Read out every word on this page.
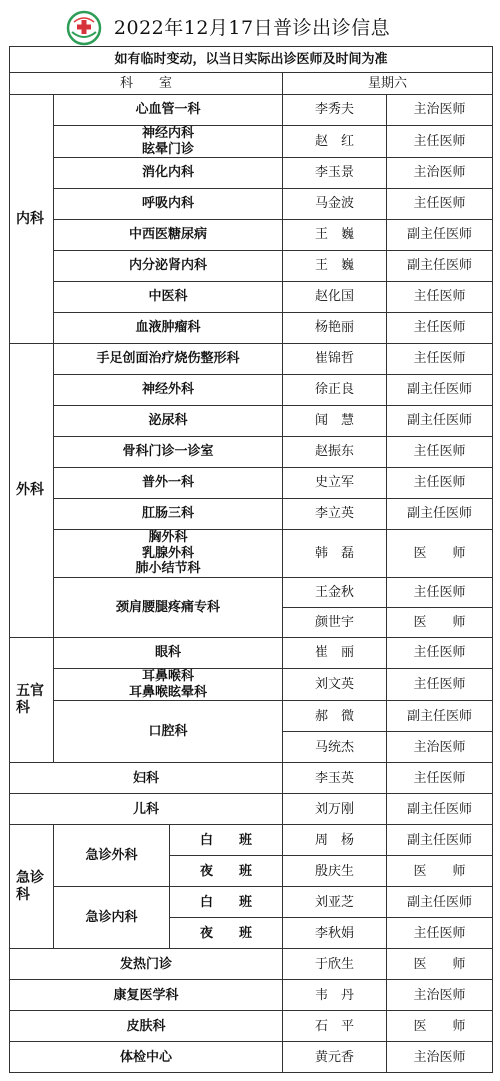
2022年12月17日普诊出诊信息
如有临时变动，以当日实际出诊医师及时间为准				
科　　室			星期六	
内科	心血管一科		李秀夫	主治医师

	神经内科
眩晕门诊		赵　红	主任医师
	消化内科		李玉景	主治医师
	呼吸内科		马金波	主任医师
	中西医糖尿病		王　巍	副主任医师
	内分泌肾内科		王　巍	副主任医师
	中医科		赵化国	主任医师
	血液肿瘤科		杨艳丽	主任医师
外科	手足创面治疗烧伤整形科		崔锦哲	主任医师
	神经外科		徐正良	副主任医师
	泌尿科		闻　慧	副主任医师
	骨科门诊一诊室		赵振东	主任医师
	普外一科		史立军	主任医师
	肛肠三科		李立英	副主任医师

	胸外科
乳腺外科
肺小结节科		韩　磊	医　　师
	颈肩腰腿疼痛专科		王金秋	主任医师
			颜世宇	医　　师
五官科	眼科		崔　丽	主任医师

	耳鼻喉科
耳鼻喉眩晕科		刘文英	主任医师
	口腔科		郝　微	副主任医师
			马统杰	主治医师
妇科			李玉英	主任医师
儿科			刘万刚	副主任医师
急诊科	急诊外科	白　　班	周　杨	副主任医师
		夜　　班	殷庆生	医　　师
	急诊内科	白　　班	刘亚芝	副主任医师
		夜　　班	李秋娟	主任医师
发热门诊			于欣生	医　　师
康复医学科			韦　丹	主治医师
皮肤科			石　平	医　　师
体检中心			黄元香	主治医师
